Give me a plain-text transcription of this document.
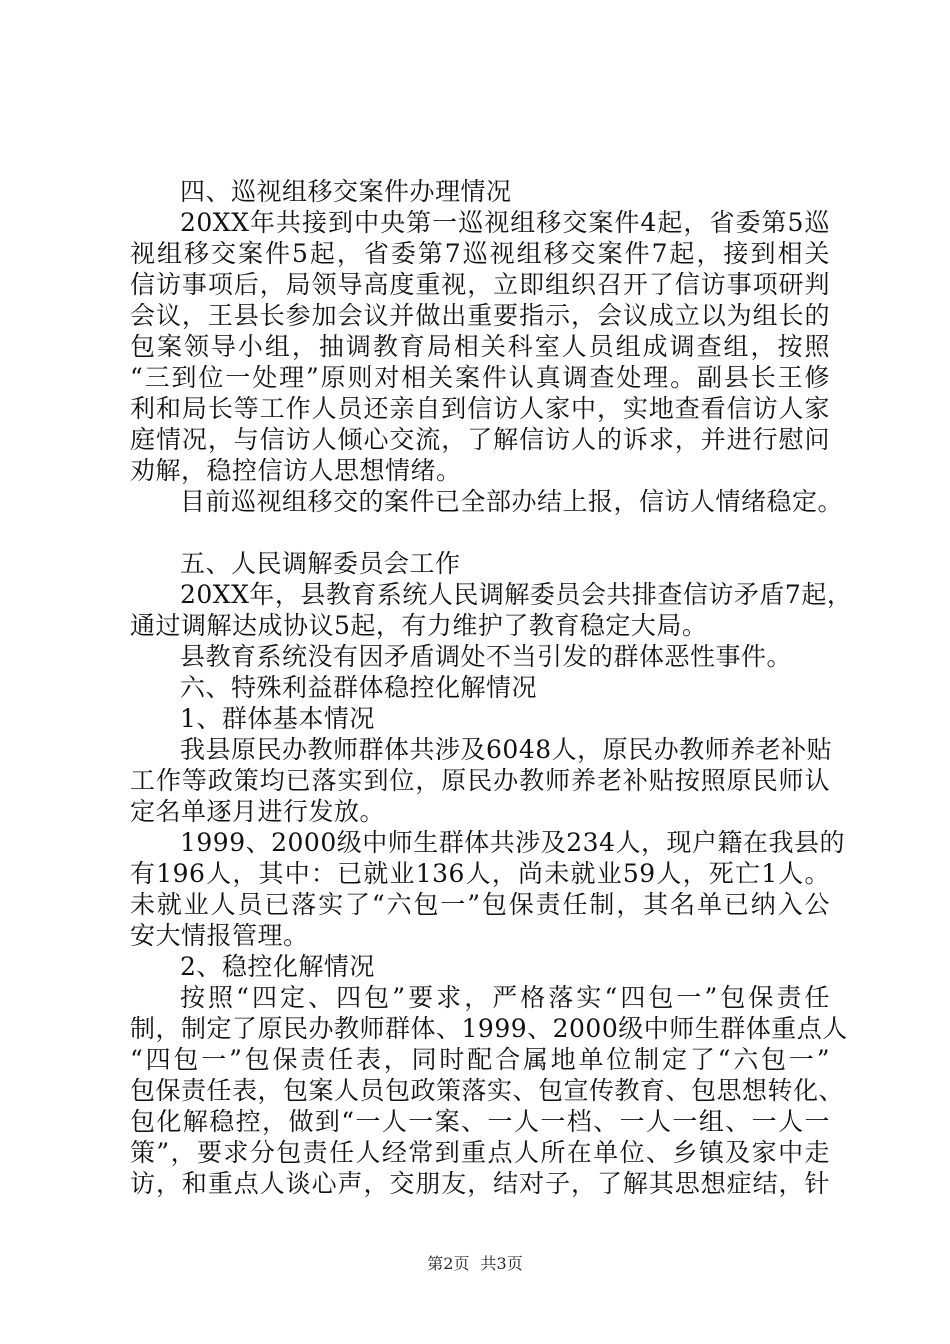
四、巡视组移交案件办理情况

20XX年共接到中央第一巡视组移交案件4起，省委第5巡

视组移交案件5起，省委第7巡视组移交案件7起，接到相关

信访事项后，局领导高度重视，立即组织召开了信访事项研判

会议，王县长参加会议并做出重要指示，会议成立以为组长的

包案领导小组，抽调教育局相关科室人员组成调查组，按照

“三到位一处理”原则对相关案件认真调查处理。副县长王修

利和局长等工作人员还亲自到信访人家中，实地查看信访人家

庭情况，与信访人倾心交流，了解信访人的诉求，并进行慰问

劝解，稳控信访人思想情绪。

目前巡视组移交的案件已全部办结上报，信访人情绪稳定。

五、人民调解委员会工作

20XX年，县教育系统人民调解委员会共排查信访矛盾7起，

通过调解达成协议5起，有力维护了教育稳定大局。

县教育系统没有因矛盾调处不当引发的群体恶性事件。

六、特殊利益群体稳控化解情况

1、群体基本情况

我县原民办教师群体共涉及6048人，原民办教师养老补贴

工作等政策均已落实到位，原民办教师养老补贴按照原民师认

定名单逐月进行发放。

1999、2000级中师生群体共涉及234人，现户籍在我县的

有196人，其中：已就业136人，尚未就业59人，死亡1人。

未就业人员已落实了“六包一”包保责任制，其名单已纳入公

安大情报管理。

2、稳控化解情况

按照“四定、四包”要求，严格落实“四包一”包保责任

制，制定了原民办教师群体、1999、2000级中师生群体重点人

“四包一”包保责任表，同时配合属地单位制定了“六包一”

包保责任表，包案人员包政策落实、包宣传教育、包思想转化、

包化解稳控，做到“一人一案、一人一档、一人一组、一人一

策”，要求分包责任人经常到重点人所在单位、乡镇及家中走

访，和重点人谈心声，交朋友，结对子，了解其思想症结，针

第2页 共3页
